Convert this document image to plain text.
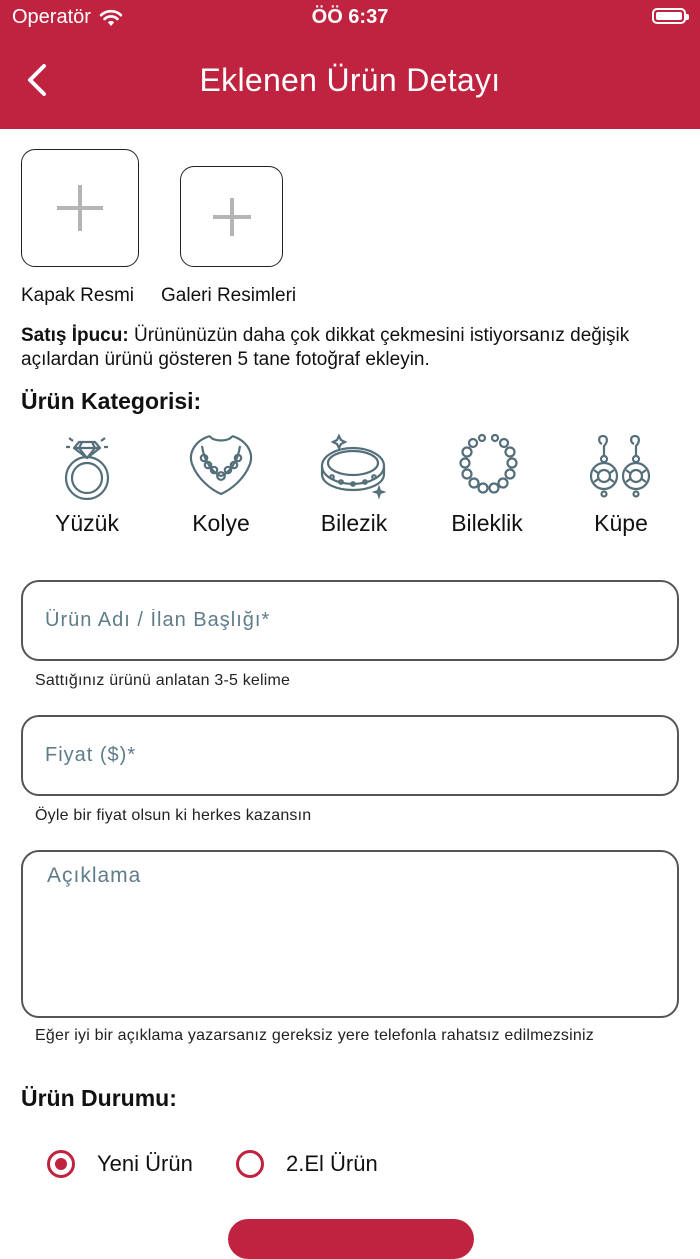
Operatör	ÖÖ 6:37
Eklenen Ürün Detayı
Kapak Resmi Galeri Resimleri
Satış İpucu: Ürününüzün daha çok dikkat çekmesini istiyorsanız değişik açılardan ürünü gösteren 5 tane fotoğraf ekleyin.
Ürün Kategorisi:
Yüzük	Kolye	Bilezik	Bileklik	Küpe
Ürün Adı / İlan Başlığı*
Sattığınız ürünü anlatan 3-5 kelime
Fiyat ($)*
Öyle bir fiyat olsun ki herkes kazansın
Açıklama
Eğer iyi bir açıklama yazarsanız gereksiz yere telefonla rahatsız edilmezsiniz
Ürün Durumu:
Yeni Ürün	2.El Ürün
